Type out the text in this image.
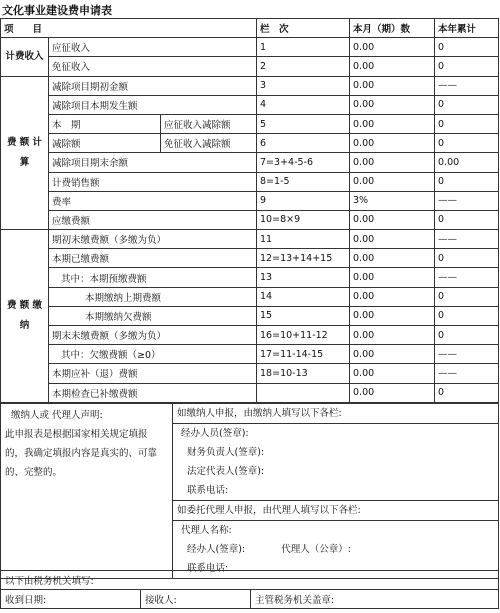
文化事业建设费申请表
项　　目			栏　次	本月（期）数	本年累计
计费收入	应征收入		1	0.00	0
	免征收入		2	0.00	0
费 额 计 算	减除项目期初金额		3	0.00	——
	减除项目本期发生额		4	0.00	0
	本　期	应征收入减除额	5	0.00	0
	减除额	免征收入减除额	6	0.00	0
	减除项目期末余额		7=3+4-5-6	0.00	0.00
	计费销售额		8=1-5	0.00	0
	费率		9	3%	——
	应缴费额		10=8×9	0.00	0
费 额 缴 纳	期初未缴费额（多缴为负）		11	0.00	——
	本期已缴费额		12=13+14+15	0.00	0
	其中：本期预缴费额		13	0.00	——
	本期缴纳上期费额		14	0.00	0
	本期缴纳欠费额		15	0.00	0
	期末未缴费额（多缴为负）		16=10+11-12	0.00	0
	其中：欠缴费额（≥0）		17=11-14-15	0.00	——
	本期应补（退）费额		18=10-13	0.00	——
	本期检查已补缴费额			0.00	0
缴纳人或 代理人声明:
此申报表是根据国家相关规定填报
的，我确定填报内容是真实的、可靠
的、完整的。

如缴纳人申报，由缴纳人填写以下各栏:
经办人员(签章):
财务负责人(签章):
法定代表人(签章):
联系电话:

如委托代理人申报，由代理人填写以下各栏:
代理人名称:
经办人(签章):	代理人（公章）:
联系电话:
以下由税务机关填写:
收到日期:	接收人:	主管税务机关盖章:
